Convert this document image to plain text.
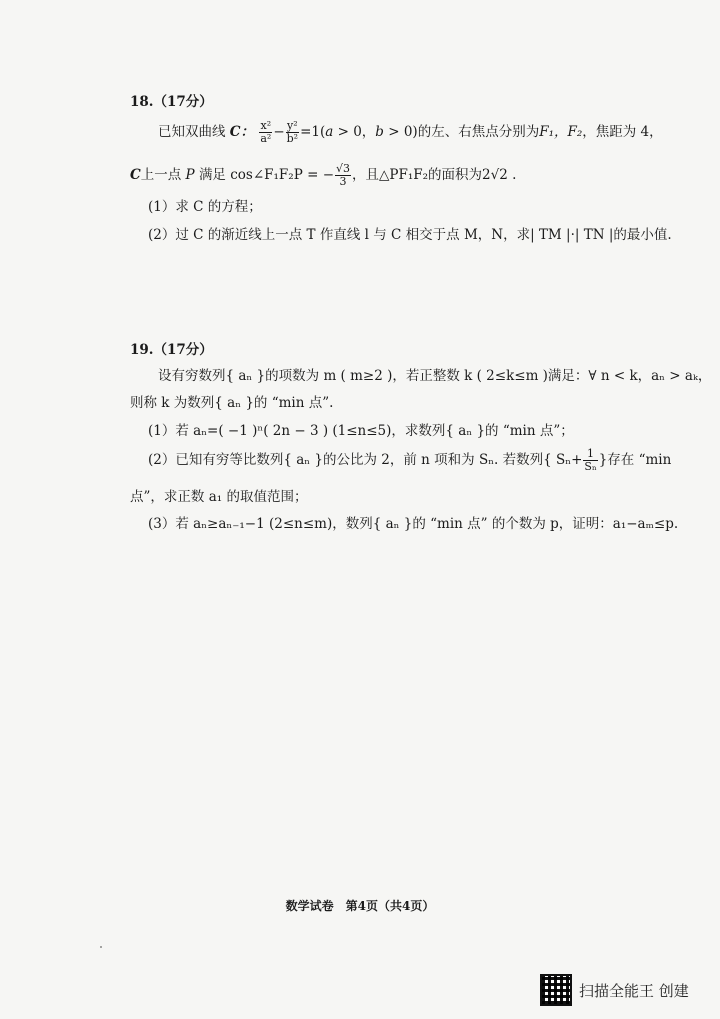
18.（17分）
已知双曲线 C： $\frac{\text{x²}}{\text{a²}} - \frac{\text{y²}}{\text{b²}} =1(a > 0$，b > 0)的左、右焦点分别为F₁，F₂，焦距为 4，
C上一点 P 满足 cos∠F₁F₂P = − $\frac{√3}{3}$ ，且△PF₁F₂的面积为2√2 .
(1）求 C 的方程；
(2）过 C 的渐近线上一点 T 作直线 l 与 C 相交于点 M，N，求| TM |·| TN |的最小值.
19.（17分）
设有穷数列{ aₙ }的项数为 m ( m≥2 )，若正整数 k ( 2≤k≤m )满足：∀ n < k，aₙ > aₖ，
则称 k 为数列{ aₙ }的 “min 点”.
(1）若 aₙ=( −1 )ⁿ( 2n − 3 ) (1≤n≤5)，求数列{ aₙ }的 “min 点”；
(2）已知有穷等比数列{ aₙ }的公比为 2，前 n 项和为 Sₙ. 若数列{ $S_n+ \frac{1}{\text{Sₙ}}$ }存在 “min
点”，求正数 a₁ 的取值范围；
(3）若 aₙ≥aₙ₋₁−1 (2≤n≤m)，数列{ aₙ }的 “min 点” 的个数为 p，证明：a₁−aₘ≤p.
数学试卷　第4页（共4页）
扫描全能王 创建
